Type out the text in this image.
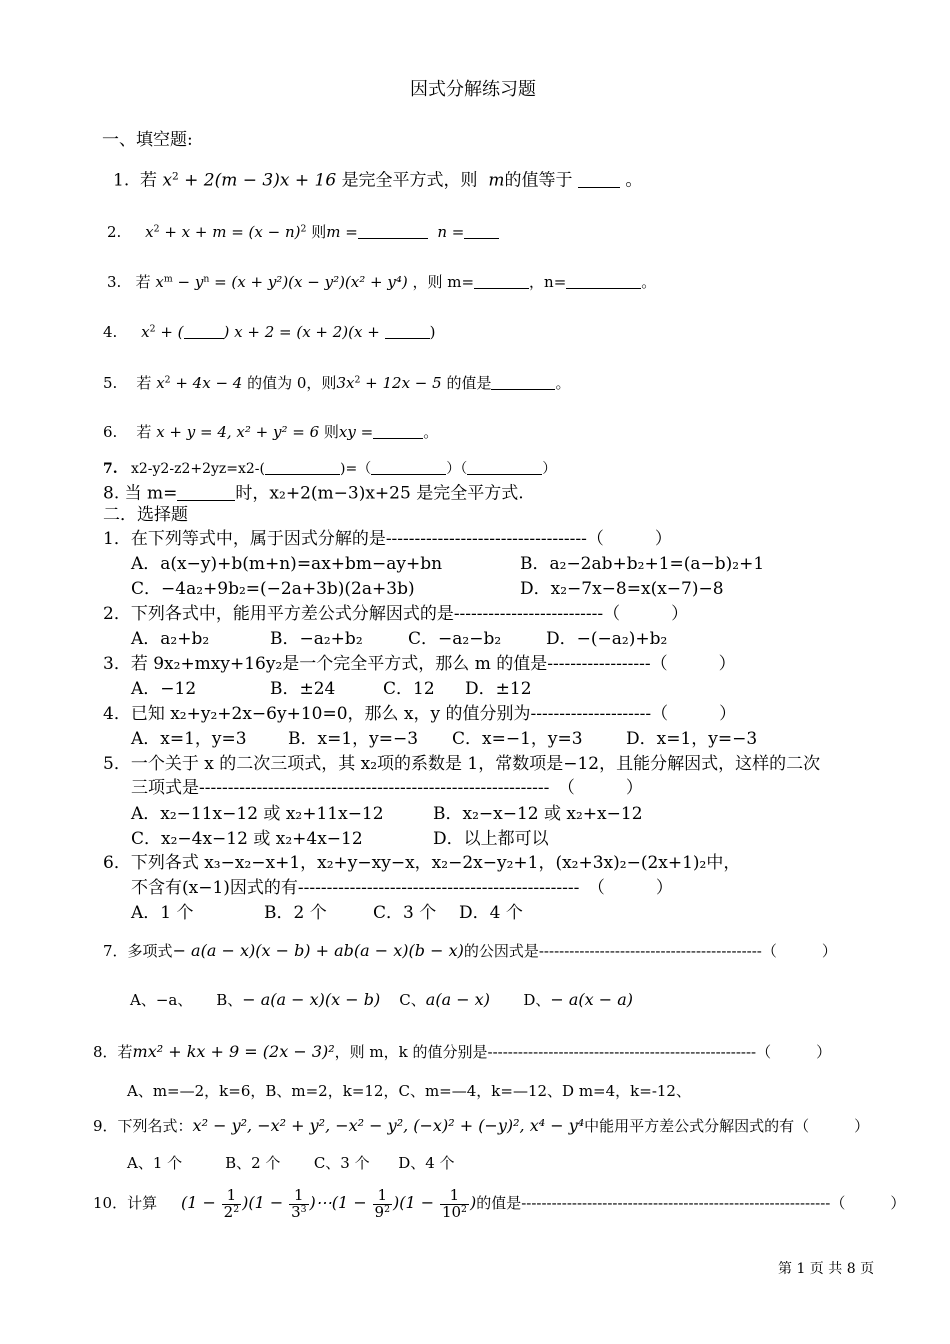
因式分解练习题
一、填空题:
1. 若 $x^2 + 2(m - 3)x + 16$ 是完全平方式，则 m的值等于	。
2. $x^2 + x + m = (x - n)^2$ 则m =	n =
3. 若 $x^m - y^n = (x + y^2)(x - y^2)(x^2 + y^4)$ ，则 m=	，n=	。
4. $x^2$ + (	) x + 2 = (x + 2)(x +	)
5. 若 $x^2 + 4x - 4$ 的值为 0，则$3x^2 + 12x - 5$ 的值是	。
6. 若 x + y = 4, x² + y² = 6 则xy =	。
7. x2-y2-z2+2yz=x2-(	)=（	）（	）
8. 当 m=	时，x₂+2(m−3)x+25 是完全平方式.
二．选择题
1．在下列等式中，属于因式分解的是-----------------------------------（　　　）
A．a(x−y)+b(m+n)=ax+bm−ay+bn	B．a₂−2ab+b₂+1=(a−b)₂+1
C．−4a₂+9b₂=(−2a+3b)(2a+3b)	D．x₂−7x−8=x(x−7)−8
2．下列各式中，能用平方差公式分解因式的是--------------------------（　　　）
A．a₂+b₂	B．−a₂+b₂	C．−a₂−b₂	D．−(−a₂)+b₂
3．若 9x₂+mxy+16y₂是一个完全平方式，那么 m 的值是------------------（　　　）
A．−12	B．±24	C．12 D．±12
4．已知 x₂+y₂+2x−6y+10=0，那么 x，y 的值分别为---------------------（　　　）
A．x=1，y=3 B．x=1，y=−3 C．x=−1，y=3	D．x=1，y=−3
5．一个关于 x 的二次三项式，其 x₂项的系数是 1，常数项是−12，且能分解因式，这样的二次
三项式是-------------------------------------------------------------　（　　　）
A．x₂−11x−12 或 x₂+11x−12	B．x₂−x−12 或 x₂+x−12
C．x₂−4x−12 或 x₂+4x−12	D．以上都可以
6．下列各式 x₃−x₂−x+1，x₂+y−xy−x，x₂−2x−y₂+1，(x₂+3x)₂−(2x+1)₂中，
不含有(x−1)因式的有-------------------------------------------------　（　　　）
A．1 个	B．2 个	C．3 个 D．4 个
7．多项式− a(a − x)(x − b) + ab(a − x)(b − x)的公因式是--------------------------------------------（　　　）
A、−a、 B、− a(a − x)(x − b) C、a(a − x) D、− a(x − a)
8．若mx² + kx + 9 = (2x − 3)²，则 m，k 的值分别是-----------------------------------------------------（　　　）
A、m=—2，k=6，B、m=2，k=12，C、m=—4，k=—12、D m=4，k=-12、
9．下列名式：x² − y², −x² + y², −x² − y², (−x)² + (−y)², x⁴ − y⁴中能用平方差公式分解因式的有（　　　）
A、1 个	B、2 个 C、3 个 D、4 个
10．计算 $(1 - \frac{1}{2^2} )(1 - \frac{1}{3^3}$ )⋯(1 − $\frac{1}{9^2} )(1 - \frac{1}{10^2}$ )的值是-------------------------------------------------------------（　　　）
第 1 页 共 8 页
